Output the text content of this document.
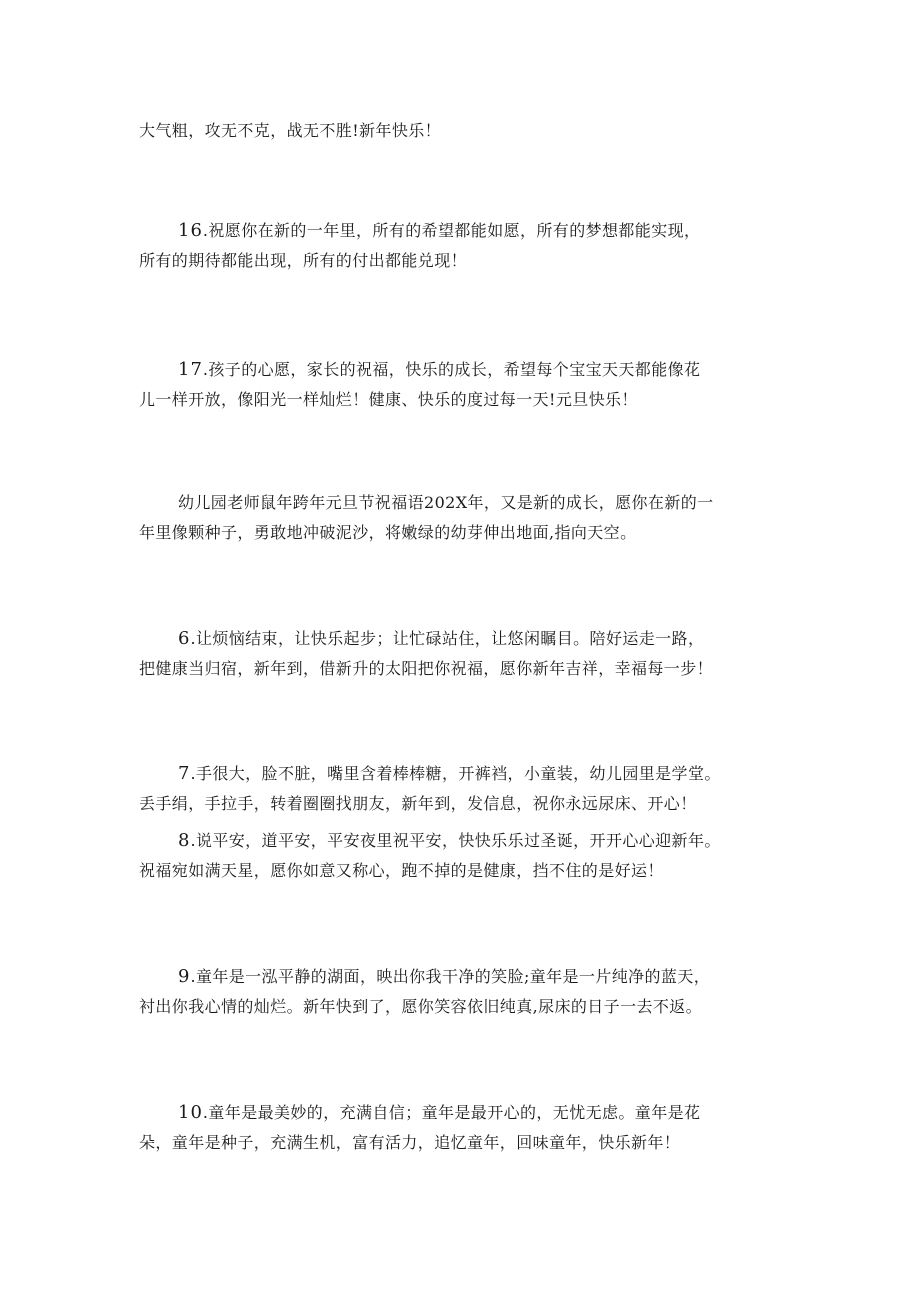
大气粗，攻无不克，战无不胜!新年快乐！

16.祝愿你在新的一年里，所有的希望都能如愿，所有的梦想都能实现，
所有的期待都能出现，所有的付出都能兑现！

17.孩子的心愿，家长的祝福，快乐的成长，希望每个宝宝天天都能像花
儿一样开放，像阳光一样灿烂！健康、快乐的度过每一天!元旦快乐！

幼儿园老师鼠年跨年元旦节祝福语202X年，又是新的成长，愿你在新的一
年里像颗种子，勇敢地冲破泥沙，将嫩绿的幼芽伸出地面,指向天空。

6.让烦恼结束，让快乐起步；让忙碌站住，让悠闲瞩目。陪好运走一路，
把健康当归宿，新年到，借新升的太阳把你祝福，愿你新年吉祥，幸福每一步！

7.手很大，脸不脏，嘴里含着棒棒糖，开裤裆，小童装，幼儿园里是学堂。
丢手绢，手拉手，转着圈圈找朋友，新年到，发信息，祝你永远尿床、开心！

8.说平安，道平安，平安夜里祝平安，快快乐乐过圣诞，开开心心迎新年。
祝福宛如满天星，愿你如意又称心，跑不掉的是健康，挡不住的是好运！

9.童年是一泓平静的湖面，映出你我干净的笑脸;童年是一片纯净的蓝天，
衬出你我心情的灿烂。新年快到了，愿你笑容依旧纯真,尿床的日子一去不返。

10.童年是最美妙的，充满自信；童年是最开心的，无忧无虑。童年是花
朵，童年是种子，充满生机，富有活力，追忆童年，回味童年，快乐新年！
